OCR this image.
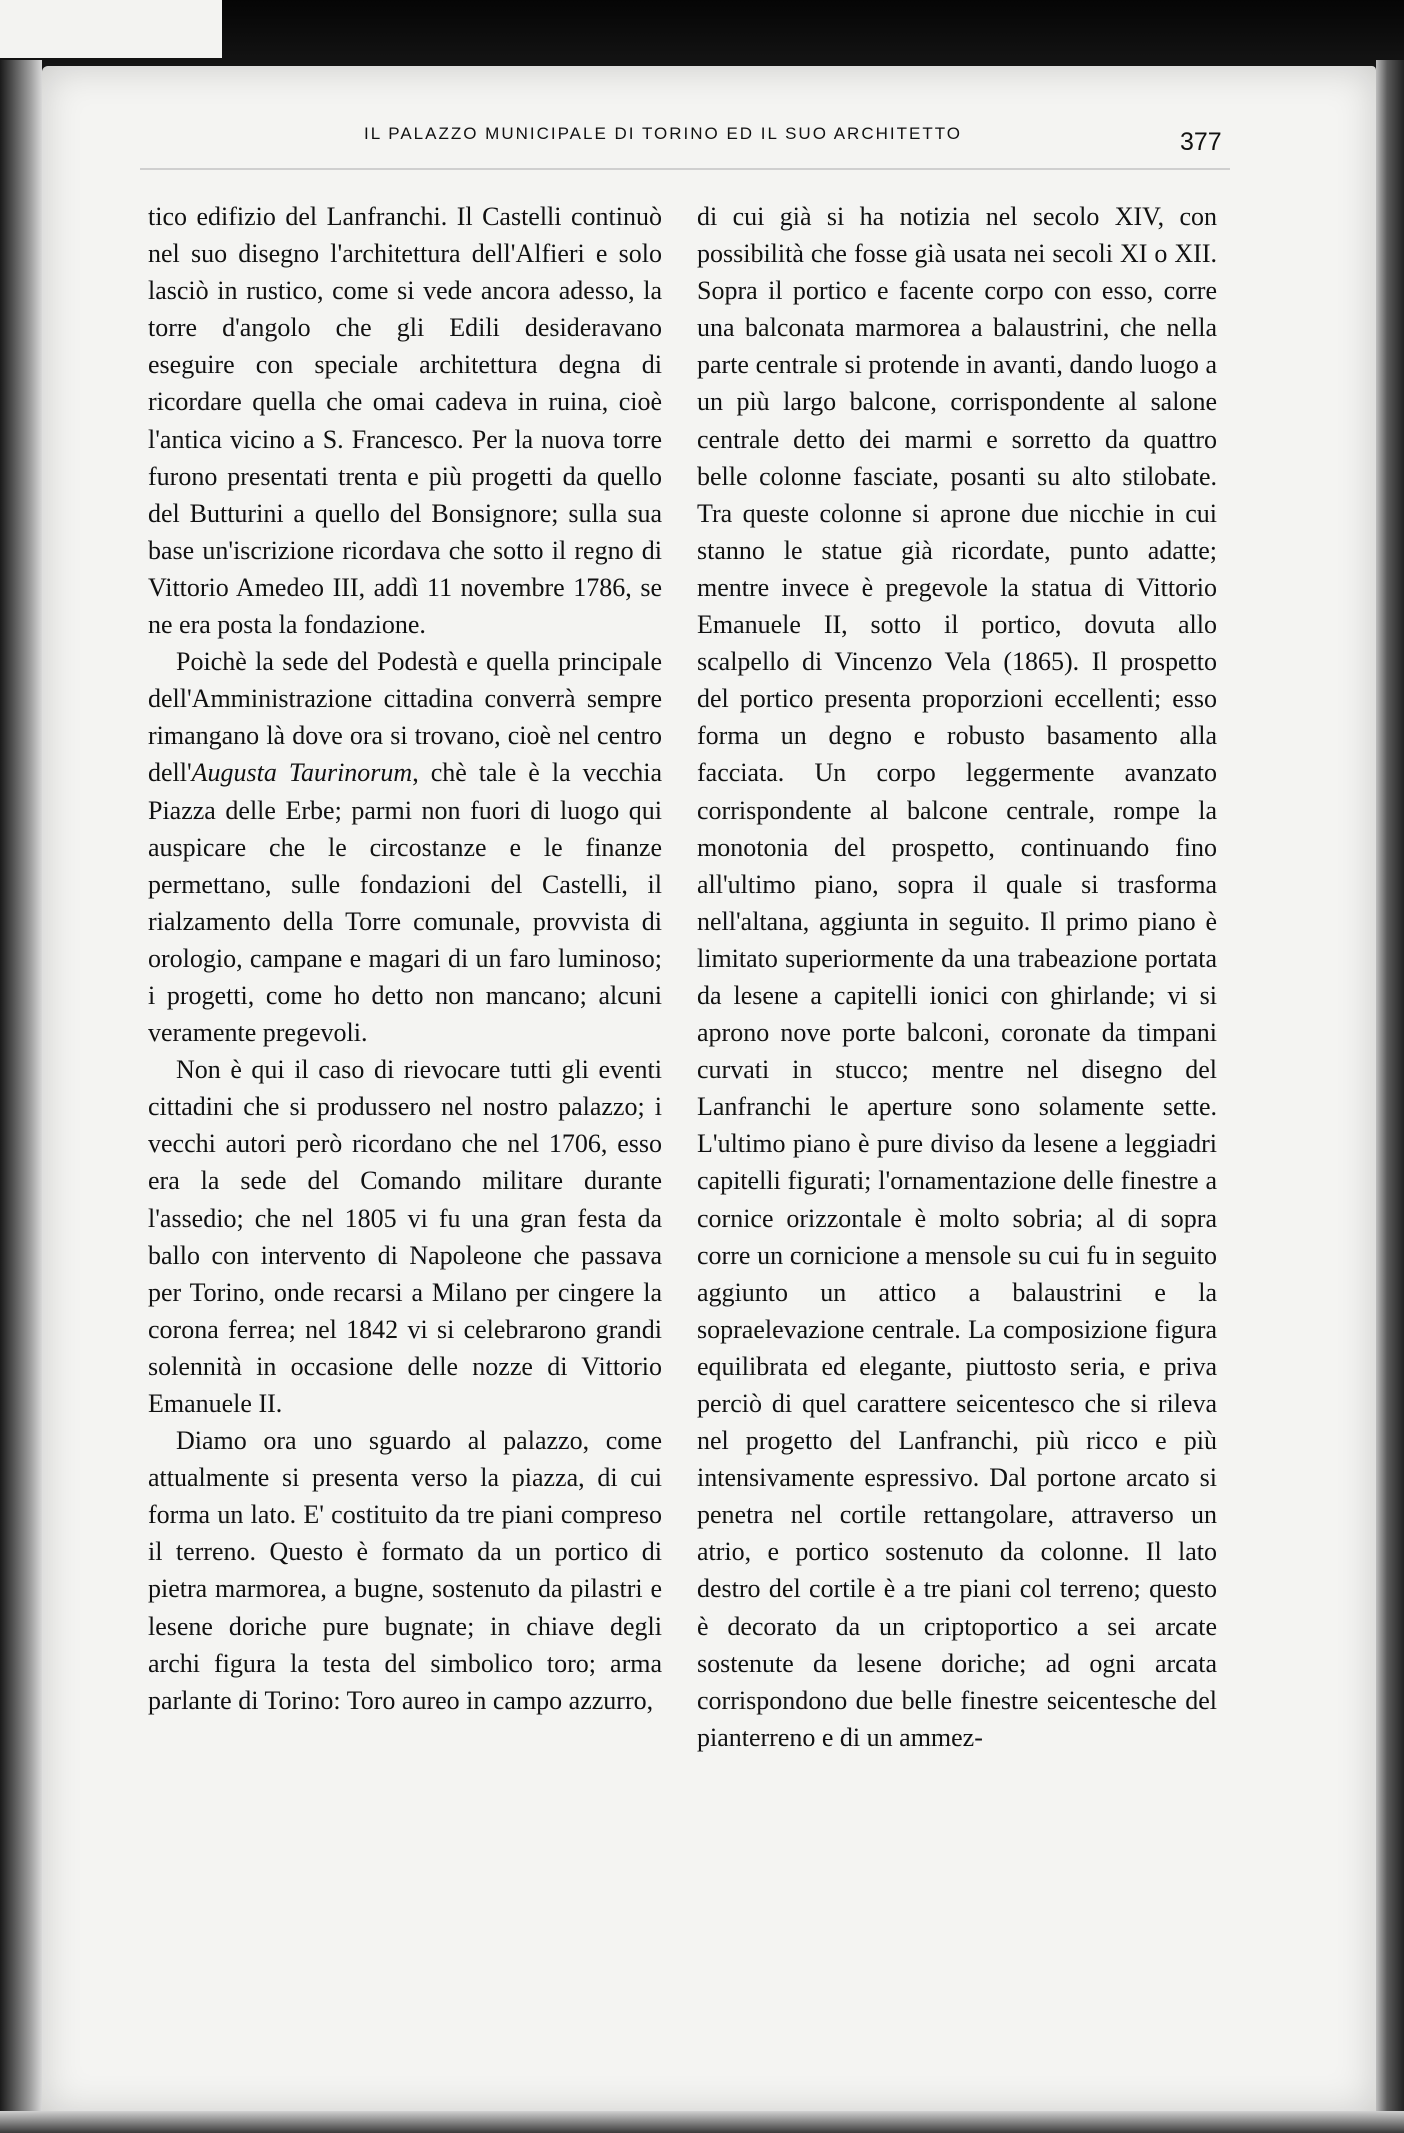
IL PALAZZO MUNICIPALE DI TORINO ED IL SUO ARCHITETTO	377

tico edifizio del Lanfranchi. Il Castelli continuò nel suo disegno l'architettura dell'Alfieri e solo lasciò in rustico, come si vede ancora adesso, la torre d'angolo che gli Edili desideravano eseguire con speciale architettura degna di ricordare quella che omai cadeva in ruina, cioè l'antica vicino a S. Francesco. Per la nuova torre furono presentati trenta e più progetti da quello del Butturini a quello del Bonsignore; sulla sua base un'iscrizione ricordava che sotto il regno di Vittorio Amedeo III, addì 11 novembre 1786, se ne era posta la fondazione.

Poichè la sede del Podestà e quella principale dell'Amministrazione cittadina converrà sempre rimangano là dove ora si trovano, cioè nel centro dell'Augusta Taurinorum, chè tale è la vecchia Piazza delle Erbe; parmi non fuori di luogo qui auspicare che le circostanze e le finanze permettano, sulle fondazioni del Castelli, il rialzamento della Torre comunale, provvista di orologio, campane e magari di un faro luminoso; i progetti, come ho detto non mancano; alcuni veramente pregevoli.

Non è qui il caso di rievocare tutti gli eventi cittadini che si produssero nel nostro palazzo; i vecchi autori però ricordano che nel 1706, esso era la sede del Comando militare durante l'assedio; che nel 1805 vi fu una gran festa da ballo con intervento di Napoleone che passava per Torino, onde recarsi a Milano per cingere la corona ferrea; nel 1842 vi si celebrarono grandi solennità in occasione delle nozze di Vittorio Emanuele II.

Diamo ora uno sguardo al palazzo, come attualmente si presenta verso la piazza, di cui forma un lato. E' costituito da tre piani compreso il terreno. Questo è formato da un portico di pietra marmorea, a bugne, sostenuto da pilastri e lesene doriche pure bugnate; in chiave degli archi figura la testa del simbolico toro; arma parlante di Torino: Toro aureo in campo azzurro,

di cui già si ha notizia nel secolo XIV, con possibilità che fosse già usata nei secoli XI o XII. Sopra il portico e facente corpo con esso, corre una balconata marmorea a balaustrini, che nella parte centrale si protende in avanti, dando luogo a un più largo balcone, corrispondente al salone centrale detto dei marmi e sorretto da quattro belle colonne fasciate, posanti su alto stilobate. Tra queste colonne si aprone due nicchie in cui stanno le statue già ricordate, punto adatte; mentre invece è pregevole la statua di Vittorio Emanuele II, sotto il portico, dovuta allo scalpello di Vincenzo Vela (1865). Il prospetto del portico presenta proporzioni eccellenti; esso forma un degno e robusto basamento alla facciata. Un corpo leggermente avanzato corrispondente al balcone centrale, rompe la monotonia del prospetto, continuando fino all'ultimo piano, sopra il quale si trasforma nell'altana, aggiunta in seguito. Il primo piano è limitato superiormente da una trabeazione portata da lesene a capitelli ionici con ghirlande; vi si aprono nove porte balconi, coronate da timpani curvati in stucco; mentre nel disegno del Lanfranchi le aperture sono solamente sette. L'ultimo piano è pure diviso da lesene a leggiadri capitelli figurati; l'ornamentazione delle finestre a cornice orizzontale è molto sobria; al di sopra corre un cornicione a mensole su cui fu in seguito aggiunto un attico a balaustrini e la sopraelevazione centrale. La composizione figura equilibrata ed elegante, piuttosto seria, e priva perciò di quel carattere seicentesco che si rileva nel progetto del Lanfranchi, più ricco e più intensivamente espressivo. Dal portone arcato si penetra nel cortile rettangolare, attraverso un atrio, e portico sostenuto da colonne. Il lato destro del cortile è a tre piani col terreno; questo è decorato da un criptoportico a sei arcate sostenute da lesene doriche; ad ogni arcata corrispondono due belle finestre seicentesche del pianterreno e di un ammez-
